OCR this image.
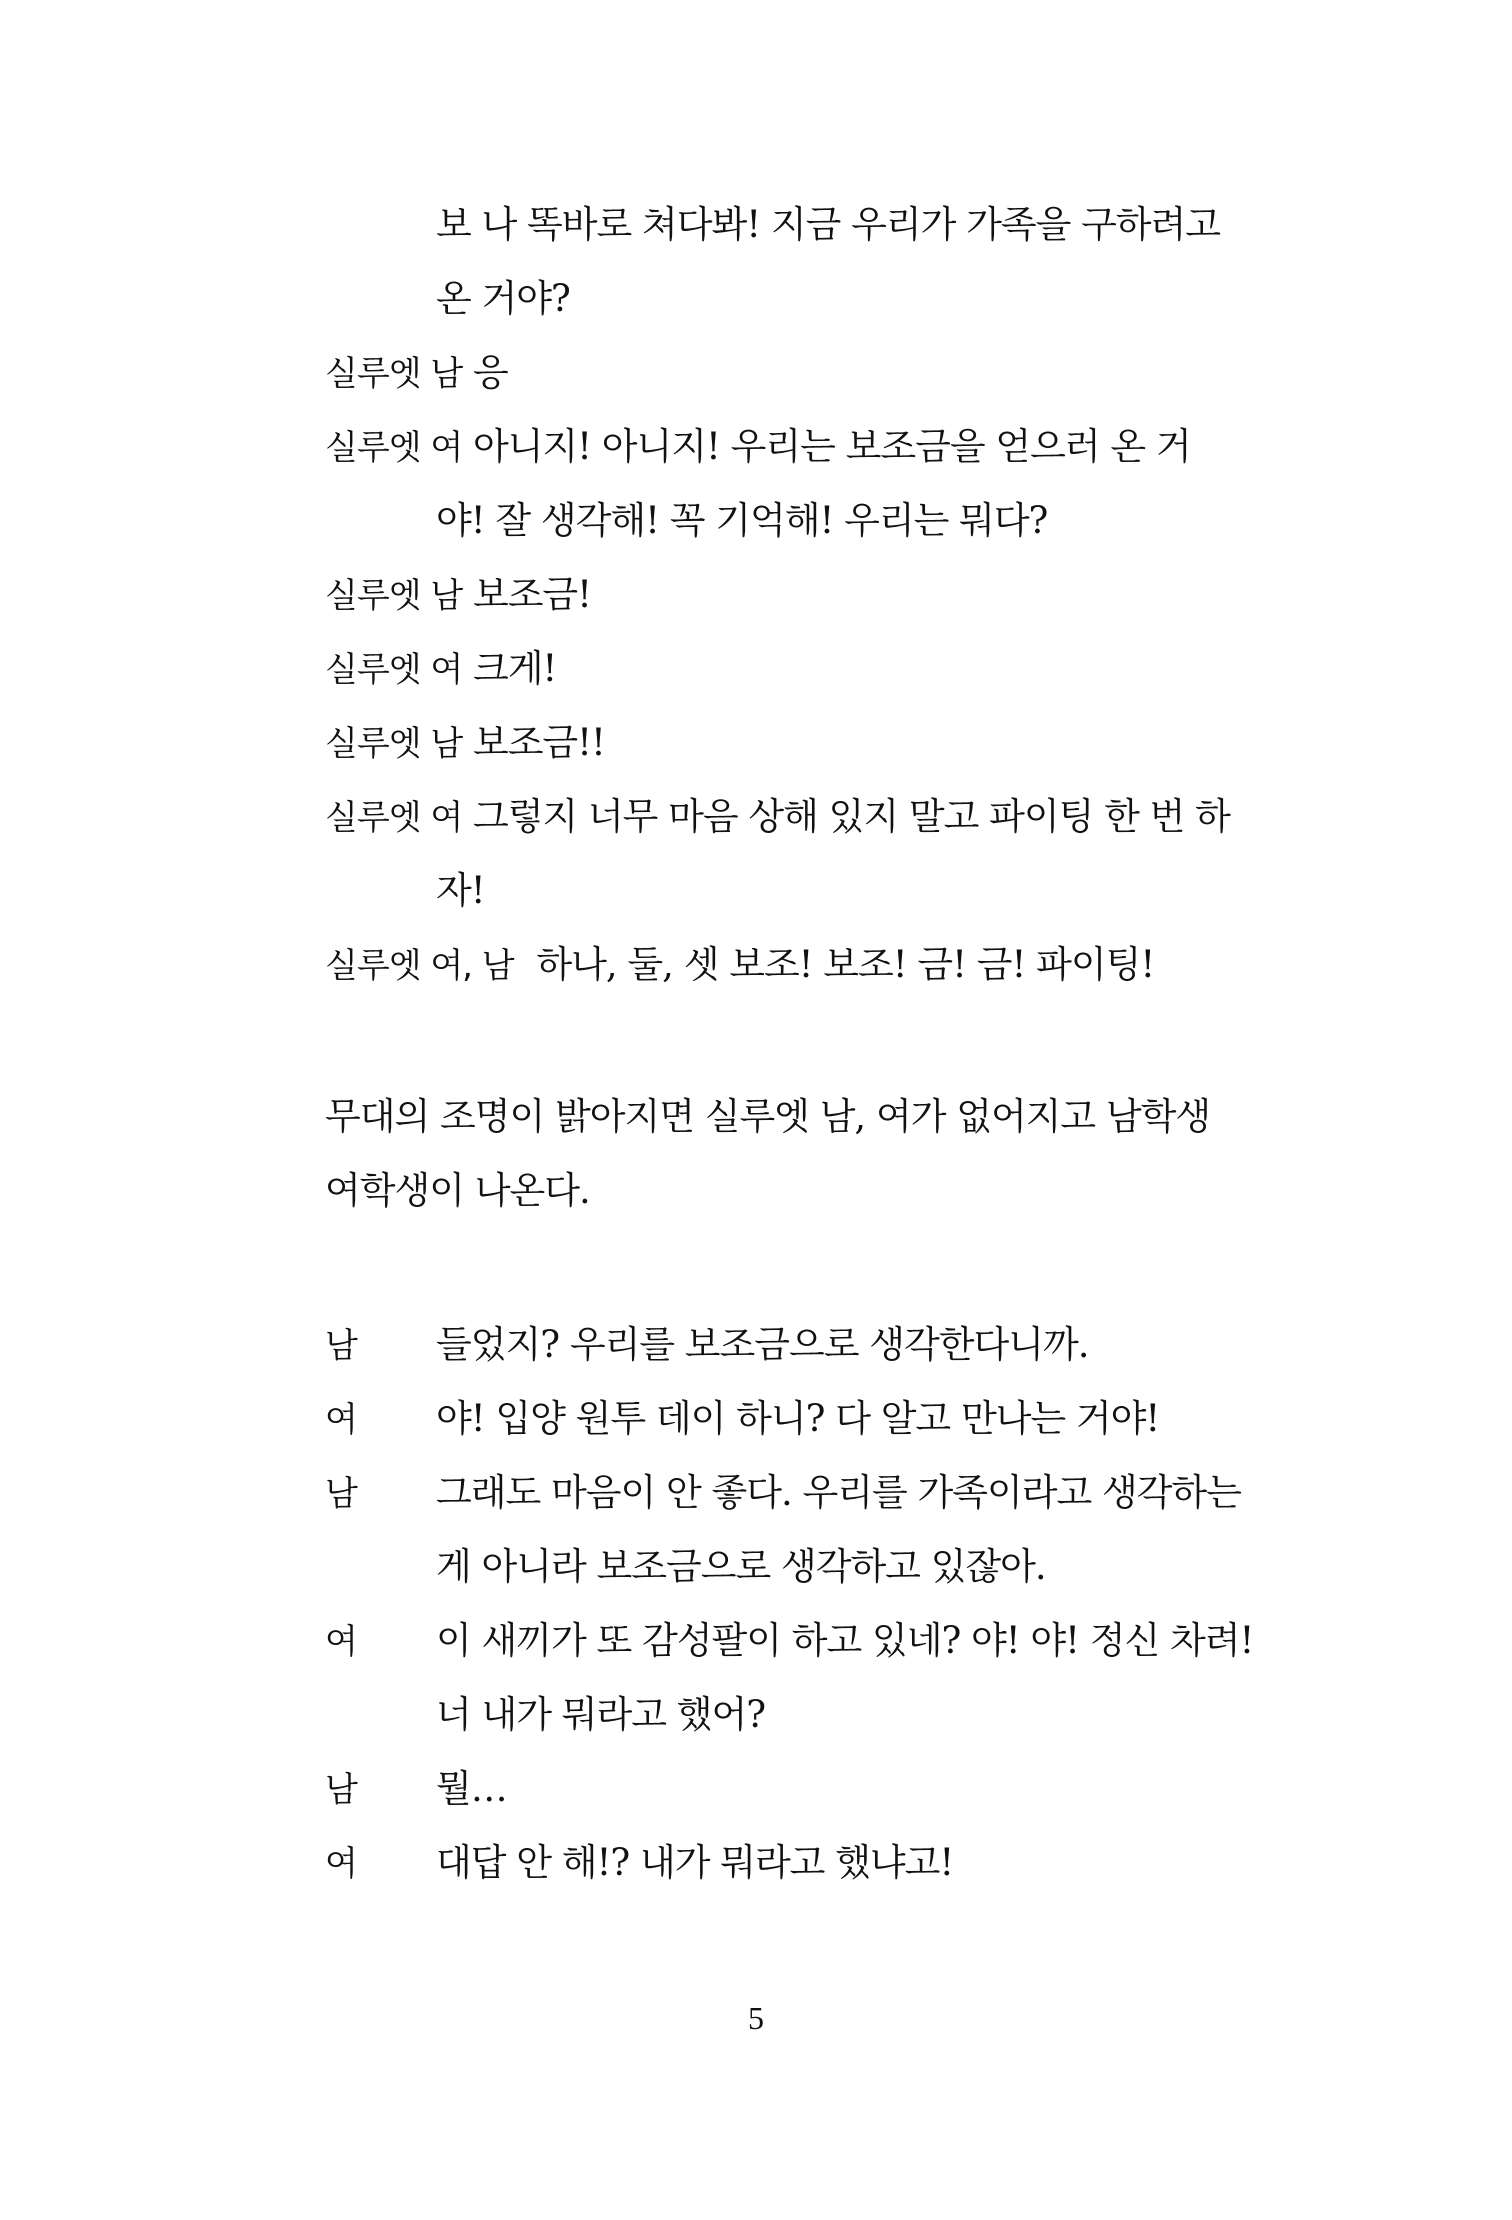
보 나 똑바로 쳐다봐! 지금 우리가 가족을 구하려고
온 거야?
실루엣 남 응
실루엣 여 아니지! 아니지! 우리는 보조금을 얻으러 온 거
야! 잘 생각해! 꼭 기억해! 우리는 뭐다?
실루엣 남 보조금!
실루엣 여 크게!
실루엣 남 보조금!!
실루엣 여 그렇지 너무 마음 상해 있지 말고 파이팅 한 번 하
자!
실루엣 여, 남 하나, 둘, 셋 보조! 보조! 금! 금! 파이팅!
무대의 조명이 밝아지면 실루엣 남, 여가 없어지고 남학생
여학생이 나온다.
남 들었지? 우리를 보조금으로 생각한다니까.
여 야! 입양 원투 데이 하니? 다 알고 만나는 거야!
남 그래도 마음이 안 좋다. 우리를 가족이라고 생각하는
게 아니라 보조금으로 생각하고 있잖아.
여 이 새끼가 또 감성팔이 하고 있네? 야! 야! 정신 차려!
너 내가 뭐라고 했어?
남 뭘…
여 대답 안 해!? 내가 뭐라고 했냐고!
5
